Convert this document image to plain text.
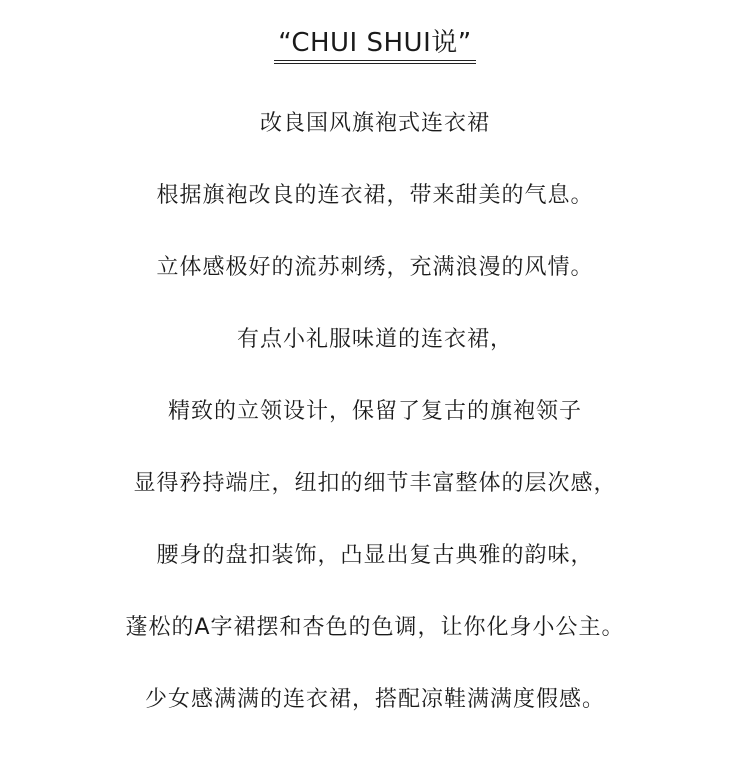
“CHUI SHUI说”
改良国风旗袍式连衣裙
根据旗袍改良的连衣裙，带来甜美的气息。
立体感极好的流苏刺绣，充满浪漫的风情。
有点小礼服味道的连衣裙，
精致的立领设计，保留了复古的旗袍领子
显得矜持端庄，纽扣的细节丰富整体的层次感，
腰身的盘扣装饰，凸显出复古典雅的韵味，
蓬松的A字裙摆和杏色的色调，让你化身小公主。
少女感满满的连衣裙，搭配凉鞋满满度假感。
